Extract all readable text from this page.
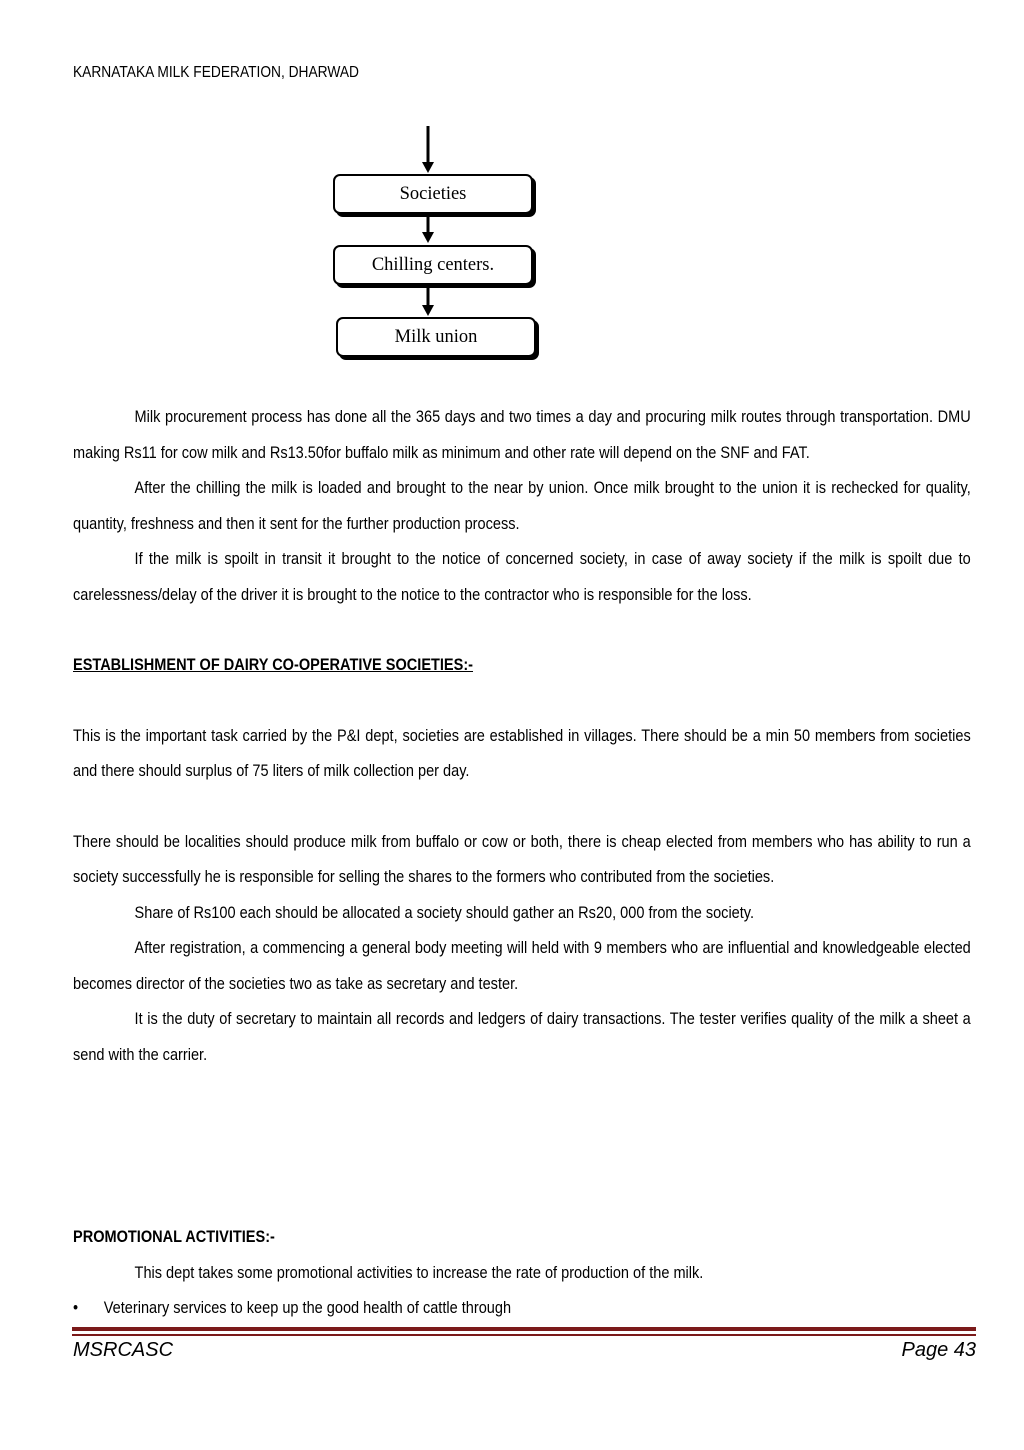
KARNATAKA MILK FEDERATION, DHARWAD
Societies
Chilling centers.
Milk union

Milk procurement process has done all the 365 days and two times a day and procuring milk routes through transportation. DMU making Rs11 for cow milk and Rs13.50for buffalo milk as minimum and other rate will depend on the SNF and FAT.

After the chilling the milk is loaded and brought to the near by union. Once milk brought to the union it is rechecked for quality, quantity, freshness and then it sent for the further production process.

If the milk is spoilt in transit it brought to the notice of concerned society, in case of away society if the milk is spoilt due to carelessness/delay of the driver it is brought to the notice to the contractor who is responsible for the loss.

ESTABLISHMENT OF DAIRY CO-OPERATIVE SOCIETIES:-

This is the important task carried by the P&I dept, societies are established in villages. There should be a min 50 members from societies and there should surplus of 75 liters of milk collection per day.

There should be localities should produce milk from buffalo or cow or both, there is cheap elected from members who has ability to run a society successfully he is responsible for selling the shares to the formers who contributed from the societies.

Share of Rs100 each should be allocated a society should gather an Rs20, 000 from the society.

After registration, a commencing a general body meeting will held with 9 members who are influential and knowledgeable elected becomes director of the societies two as take as secretary and tester.

It is the duty of secretary to maintain all records and ledgers of dairy transactions. The tester verifies quality of the milk a sheet a send with the carrier.

PROMOTIONAL ACTIVITIES:-

This dept takes some promotional activities to increase the rate of production of the milk.

• Veterinary services to keep up the good health of cattle through

MSRCASC	Page 43
